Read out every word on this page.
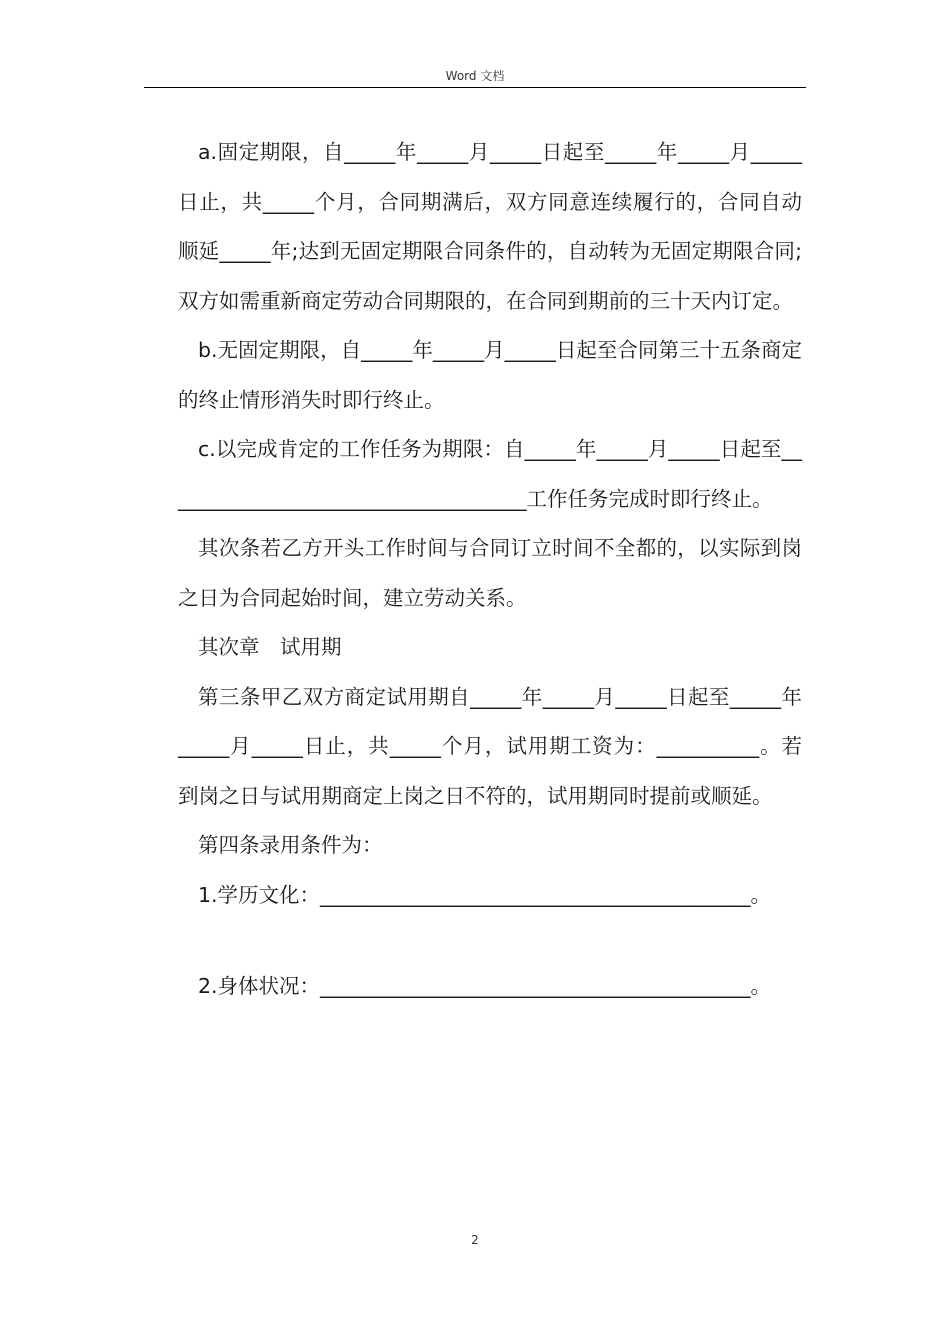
Word 文档

a.固定期限，自_____年_____月_____日起至_____年_____月_____日止，共_____个月，合同期满后，双方同意连续履行的，合同自动顺延_____年;达到无固定期限合同条件的，自动转为无固定期限合同;双方如需重新商定劳动合同期限的，在合同到期前的三十天内订定。

b.无固定期限，自_____年_____月_____日起至合同第三十五条商定的终止情形消失时即行终止。

c.以完成肯定的工作任务为期限：自_____年_____月_____日起至____________________________________工作任务完成时即行终止。

其次条若乙方开头工作时间与合同订立时间不全都的，以实际到岗之日为合同起始时间，建立劳动关系。

其次章　试用期

第三条甲乙双方商定试用期自_____年_____月_____日起至_____年_____月_____日止，共_____个月，试用期工资为：__________。若到岗之日与试用期商定上岗之日不符的，试用期同时提前或顺延。

第四条录用条件为：

1.学历文化：__________________________________________。

2.身体状况：__________________________________________。

2
